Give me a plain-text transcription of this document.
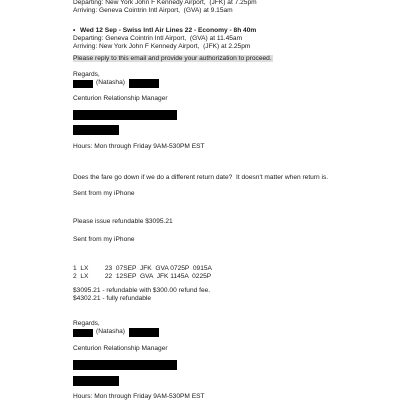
Departing: New York John F Kennedy Airport,  (JFK) at 7.25pm
Arriving: Geneva Cointrin Intl Airport,  (GVA) at 9.15am
• Wed 12 Sep - Swiss Intl Air Lines 22 - Economy - 8h 40m
Departing: Geneva Cointrin Intl Airport,  (GVA) at 11.45am
Arriving: New York John F Kennedy Airport,  (JFK) at 2.25pm
Please reply to this email and provide your authorization to proceed.
Regards,
(Natasha)
Centurion Relationship Manager
Hours: Mon through Friday 9AM-530PM EST
Does the fare go down if we do a different return date?  It doesn't matter when return is.
Sent from my iPhone
Please issue refundable $3095.21
Sent from my iPhone
1  LX         23  07SEP  JFK  GVA 0725P  0915A
2  LX         22  12SEP  GVA  JFK 1145A  0225P
$3095.21 - refundable with $300.00 refund fee.
$4302.21 - fully refundable
Regards,
(Natasha)
Centurion Relationship Manager
Hours: Mon through Friday 9AM-530PM EST
